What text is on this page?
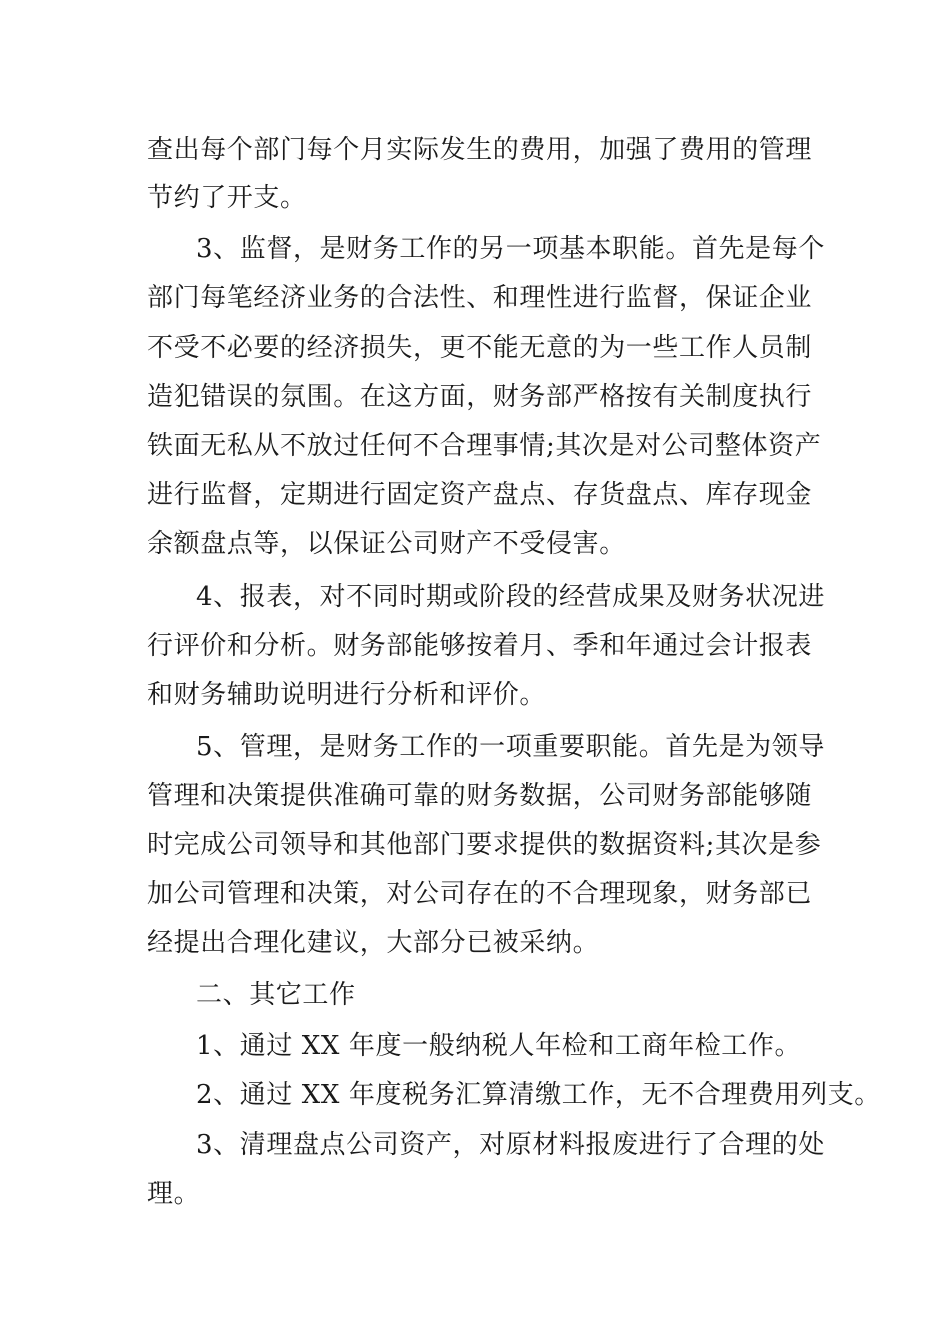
查出每个部门每个月实际发生的费用，加强了费用的管理
节约了开支。
3、监督，是财务工作的另一项基本职能。首先是每个
部门每笔经济业务的合法性、和理性进行监督，保证企业
不受不必要的经济损失，更不能无意的为一些工作人员制
造犯错误的氛围。在这方面，财务部严格按有关制度执行
铁面无私从不放过任何不合理事情;其次是对公司整体资产
进行监督，定期进行固定资产盘点、存货盘点、库存现金
余额盘点等，以保证公司财产不受侵害。
4、报表，对不同时期或阶段的经营成果及财务状况进
行评价和分析。财务部能够按着月、季和年通过会计报表
和财务辅助说明进行分析和评价。
5、管理，是财务工作的一项重要职能。首先是为领导
管理和决策提供准确可靠的财务数据，公司财务部能够随
时完成公司领导和其他部门要求提供的数据资料;其次是参
加公司管理和决策，对公司存在的不合理现象，财务部已
经提出合理化建议，大部分已被采纳。
二、其它工作
1、通过 XX 年度一般纳税人年检和工商年检工作。
2、通过 XX 年度税务汇算清缴工作，无不合理费用列支。
3、清理盘点公司资产，对原材料报废进行了合理的处
理。
